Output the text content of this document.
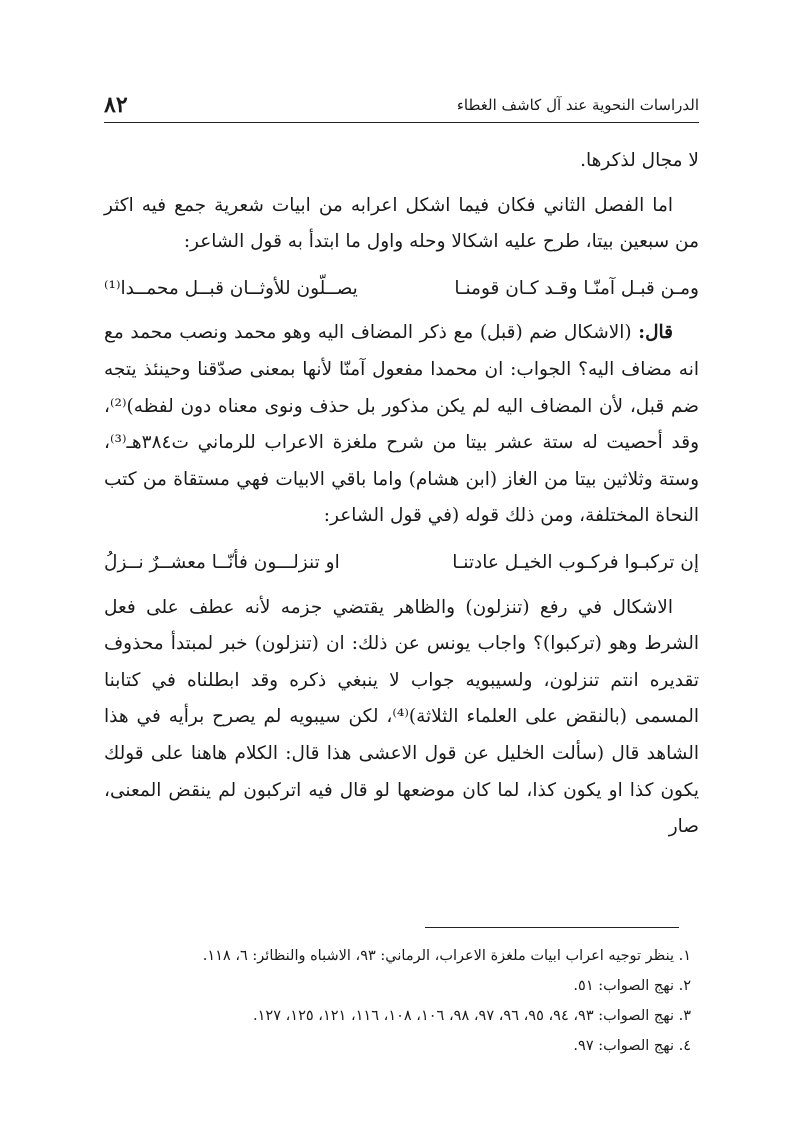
الدراسات النحوية عند آل كاشف الغطاء
٨٢

لا مجال لذكرها.

اما الفصل الثاني فكان فيما اشكل اعرابه من ابيات شعرية جمع فيه اكثر من سبعين بيتا، طرح عليه اشكالا وحله واول ما ابتدأ به قول الشاعر:

ومـن قبـل آمنّـا وقـد كـان قومنـا
يصــلّون للأوثــان قبــل محمــدا⁽¹⁾

قال: (الاشكال ضم (قبل) مع ذكر المضاف اليه وهو محمد ونصب محمد مع انه مضاف اليه؟ الجواب: ان محمدا مفعول آمنّا لأنها بمعنى صدّقنا وحينئذ يتجه ضم قبل، لأن المضاف اليه لم يكن مذكور بل حذف ونوى معناه دون لفظه)⁽²⁾، وقد أحصيت له ستة عشر بيتا من شرح ملغزة الاعراب للرماني ت٣٨٤هـ⁽³⁾، وستة وثلاثين بيتا من الغاز (ابن هشام) واما باقي الابيات فهي مستقاة من كتب النحاة المختلفة، ومن ذلك قوله (في قول الشاعر:

إن تركبـوا فركـوب الخيـل عادتنـا
او تنزلـــون فأنّــا معشــرٌ نــزلُ

الاشكال في رفع (تنزلون) والظاهر يقتضي جزمه لأنه عطف على فعل الشرط وهو (تركبوا)؟ واجاب يونس عن ذلك: ان (تنزلون) خبر لمبتدأ محذوف تقديره انتم تنزلون، ولسيبويه جواب لا ينبغي ذكره وقد ابطلناه في كتابنا المسمى (بالنقض على العلماء الثلاثة)⁽⁴⁾، لكن سيبويه لم يصرح برأيه في هذا الشاهد قال (سألت الخليل عن قول الاعشى هذا قال: الكلام هاهنا على قولك يكون كذا او يكون كذا، لما كان موضعها لو قال فيه اتركبون لم ينقض المعنى، صار

١. ينظر توجيه اعراب ابيات ملغزة الاعراب، الرماني: ٩٣، الاشباه والنظائر: ٦، ١١٨.
٢. نهج الصواب: ٥١.
٣. نهج الصواب: ٩٣، ٩٤، ٩٥، ٩٦، ٩٧، ٩٨، ١٠٦، ١٠٨، ١١٦، ١٢١، ١٢٥، ١٢٧.
٤. نهج الصواب: ٩٧.
